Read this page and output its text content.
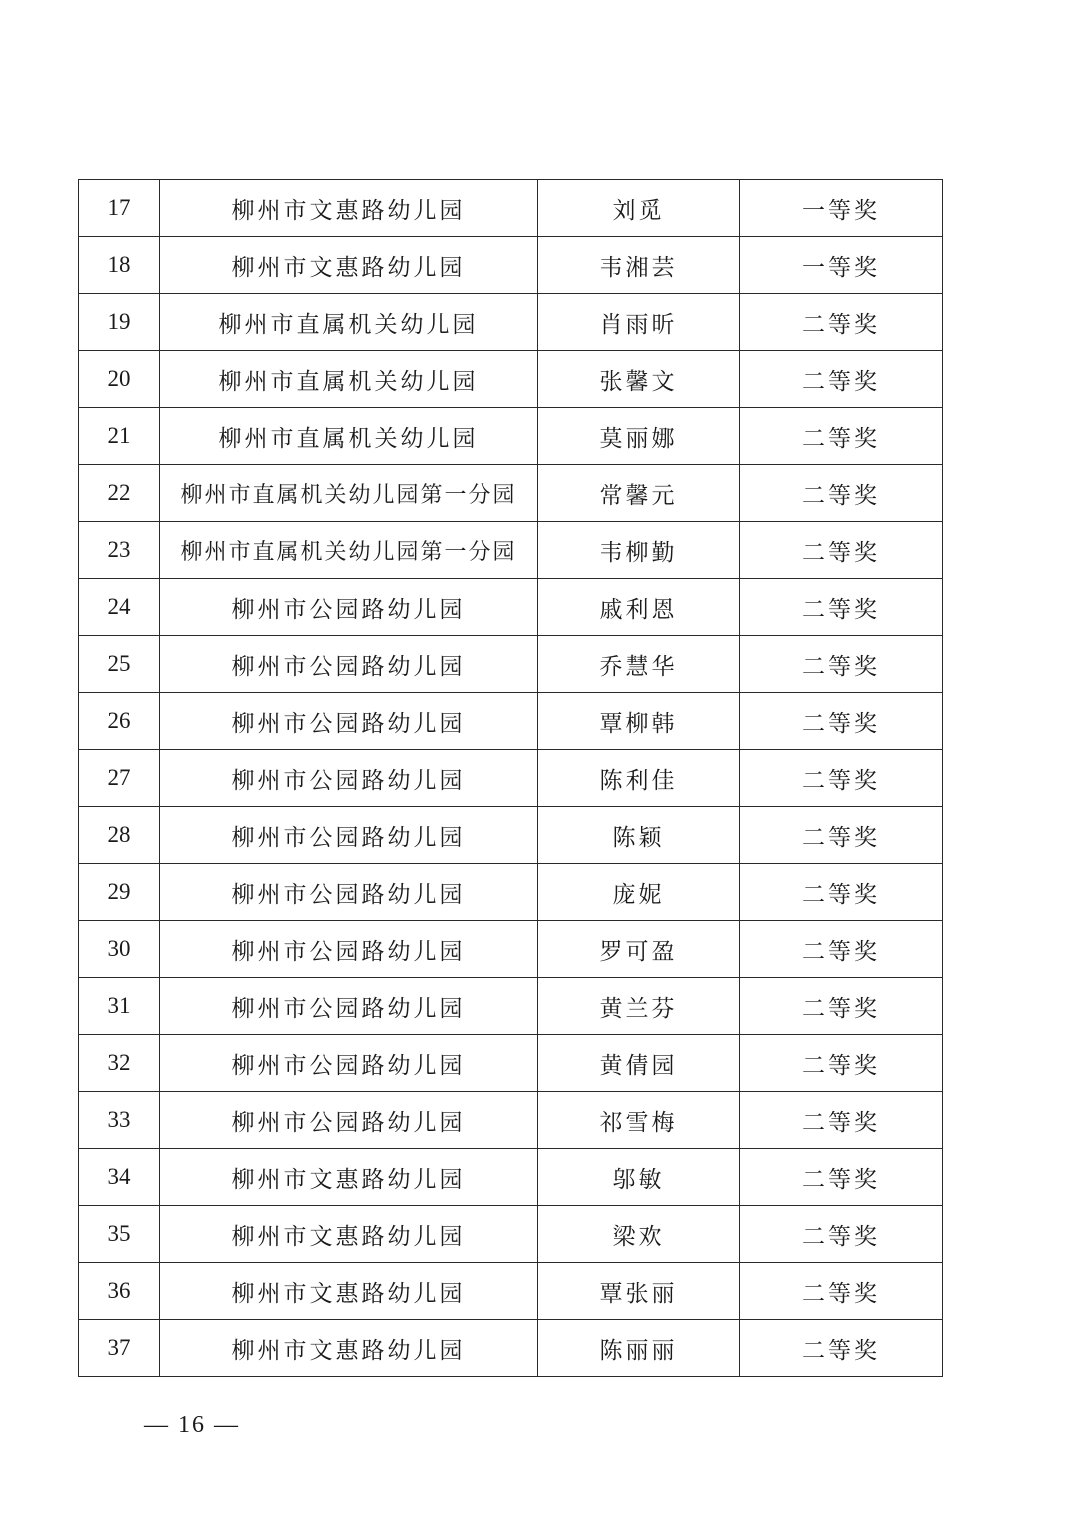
17	柳州市文惠路幼儿园	刘觅	一等奖
18	柳州市文惠路幼儿园	韦湘芸	一等奖
19	柳州市直属机关幼儿园	肖雨昕	二等奖
20	柳州市直属机关幼儿园	张馨文	二等奖
21	柳州市直属机关幼儿园	莫丽娜	二等奖
22	柳州市直属机关幼儿园第一分园	常馨元	二等奖
23	柳州市直属机关幼儿园第一分园	韦柳勤	二等奖
24	柳州市公园路幼儿园	戚利恩	二等奖
25	柳州市公园路幼儿园	乔慧华	二等奖
26	柳州市公园路幼儿园	覃柳韩	二等奖
27	柳州市公园路幼儿园	陈利佳	二等奖
28	柳州市公园路幼儿园	陈颖	二等奖
29	柳州市公园路幼儿园	庞妮	二等奖
30	柳州市公园路幼儿园	罗可盈	二等奖
31	柳州市公园路幼儿园	黄兰芬	二等奖
32	柳州市公园路幼儿园	黄倩园	二等奖
33	柳州市公园路幼儿园	祁雪梅	二等奖
34	柳州市文惠路幼儿园	邬敏	二等奖
35	柳州市文惠路幼儿园	梁欢	二等奖
36	柳州市文惠路幼儿园	覃张丽	二等奖
37	柳州市文惠路幼儿园	陈丽丽	二等奖
— 16 —
